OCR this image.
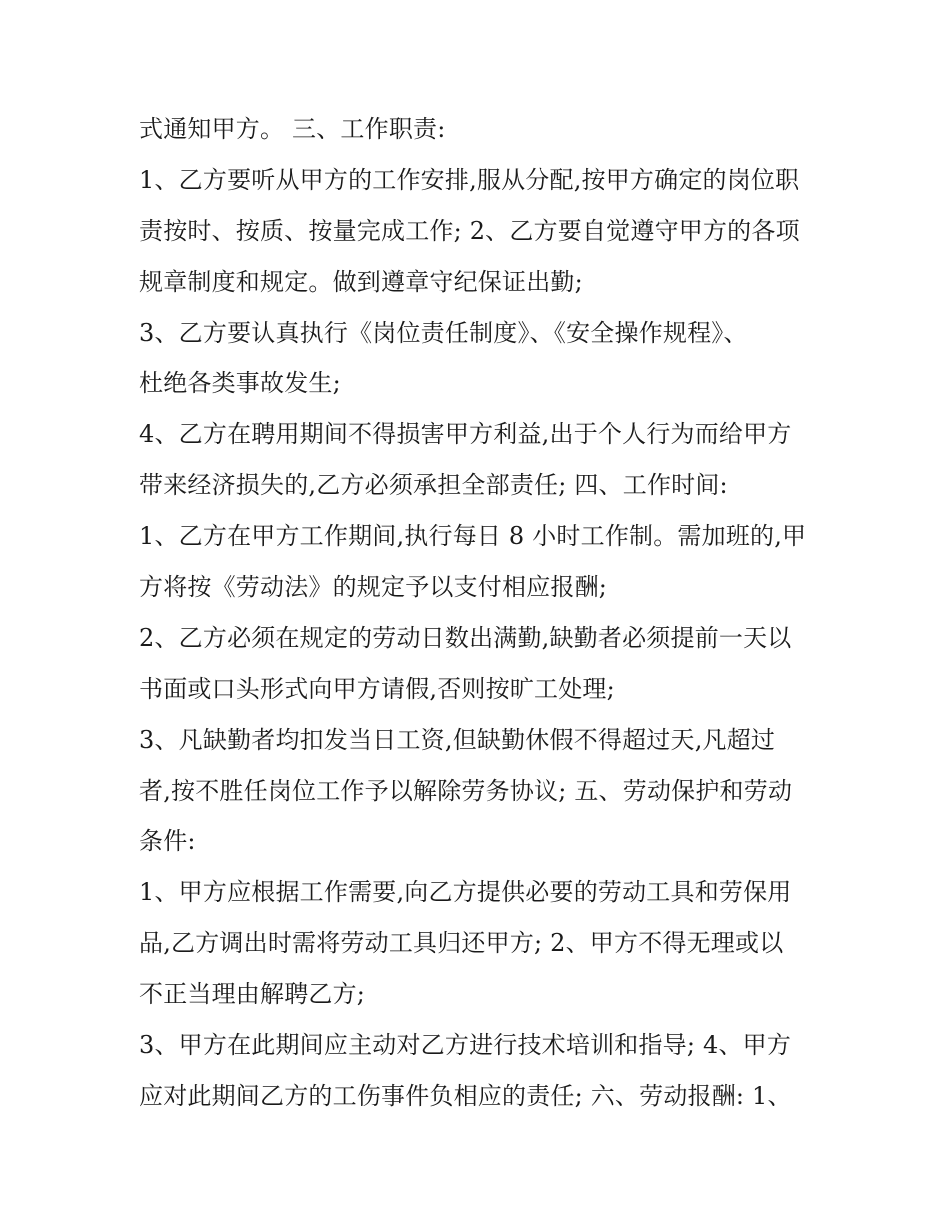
式通知甲方。 三、工作职责:
1、乙方要听从甲方的工作安排,服从分配,按甲方确定的岗位职
责按时、按质、按量完成工作; 2、乙方要自觉遵守甲方的各项
规章制度和规定。做到遵章守纪保证出勤;
3、乙方要认真执行《岗位责任制度》、《安全操作规程》、
杜绝各类事故发生;
4、乙方在聘用期间不得损害甲方利益,出于个人行为而给甲方
带来经济损失的,乙方必须承担全部责任; 四、工作时间:
1、乙方在甲方工作期间,执行每日 8 小时工作制。需加班的,甲
方将按《劳动法》的规定予以支付相应报酬;
2、乙方必须在规定的劳动日数出满勤,缺勤者必须提前一天以
书面或口头形式向甲方请假,否则按旷工处理;
3、凡缺勤者均扣发当日工资,但缺勤休假不得超过天,凡超过
者,按不胜任岗位工作予以解除劳务协议; 五、劳动保护和劳动
条件:
1、甲方应根据工作需要,向乙方提供必要的劳动工具和劳保用
品,乙方调出时需将劳动工具归还甲方; 2、甲方不得无理或以
不正当理由解聘乙方;
3、甲方在此期间应主动对乙方进行技术培训和指导; 4、甲方
应对此期间乙方的工伤事件负相应的责任; 六、劳动报酬: 1、
